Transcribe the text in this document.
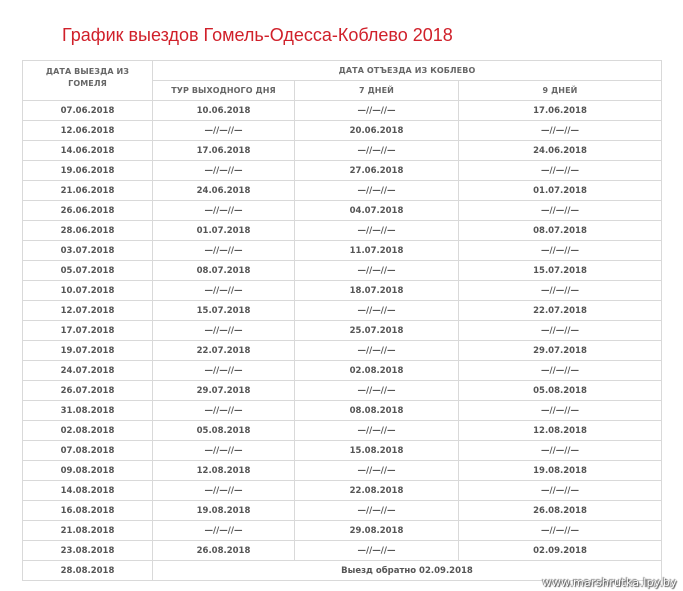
График выездов Гомель-Одесса-Коблево 2018
ДАТА ВЫЕЗДА ИЗ
ГОМЕЛЯ	ДАТА ОТЪЕЗДА ИЗ КОБЛЕВО		
	ТУР ВЫХОДНОГО ДНЯ	7 ДНЕЙ	9 ДНЕЙ
07.06.2018	10.06.2018	—//—//—	17.06.2018
12.06.2018	—//—//—	20.06.2018	—//—//—
14.06.2018	17.06.2018	—//—//—	24.06.2018
19.06.2018	—//—//—	27.06.2018	—//—//—
21.06.2018	24.06.2018	—//—//—	01.07.2018
26.06.2018	—//—//—	04.07.2018	—//—//—
28.06.2018	01.07.2018	—//—//—	08.07.2018
03.07.2018	—//—//—	11.07.2018	—//—//—
05.07.2018	08.07.2018	—//—//—	15.07.2018
10.07.2018	—//—//—	18.07.2018	—//—//—
12.07.2018	15.07.2018	—//—//—	22.07.2018
17.07.2018	—//—//—	25.07.2018	—//—//—
19.07.2018	22.07.2018	—//—//—	29.07.2018
24.07.2018	—//—//—	02.08.2018	—//—//—
26.07.2018	29.07.2018	—//—//—	05.08.2018
31.08.2018	—//—//—	08.08.2018	—//—//—
02.08.2018	05.08.2018	—//—//—	12.08.2018
07.08.2018	—//—//—	15.08.2018	—//—//—
09.08.2018	12.08.2018	—//—//—	19.08.2018
14.08.2018	—//—//—	22.08.2018	—//—//—
16.08.2018	19.08.2018	—//—//—	26.08.2018
21.08.2018	—//—//—	29.08.2018	—//—//—
23.08.2018	26.08.2018	—//—//—	02.09.2018
28.08.2018	Выезд обратно 02.09.2018		
www.marshrutka.lpy.by
